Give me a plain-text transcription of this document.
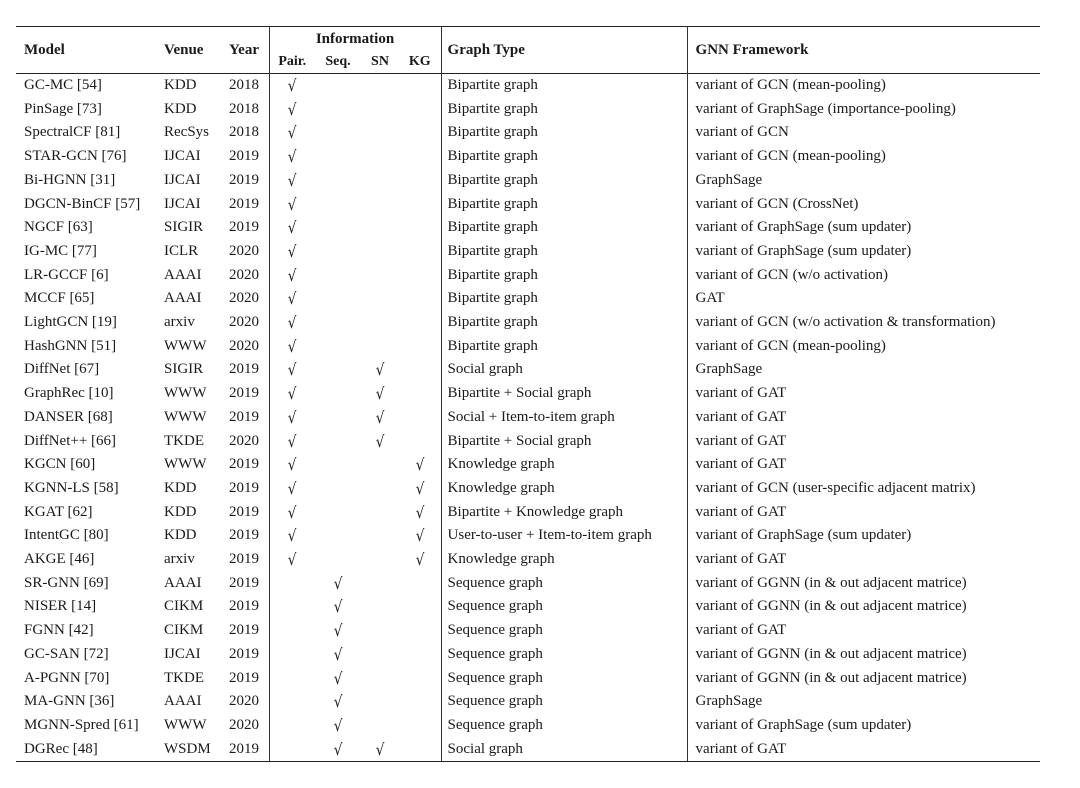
Model	Venue	Year	Information				Graph Type	GNN Framework
			Pair.	Seq.	SN	KG		
GC-MC [54]	KDD	2018	√				Bipartite graph	variant of GCN (mean-pooling)
PinSage [73]	KDD	2018	√				Bipartite graph	variant of GraphSage (importance-pooling)
SpectralCF [81]	RecSys	2018	√				Bipartite graph	variant of GCN
STAR-GCN [76]	IJCAI	2019	√				Bipartite graph	variant of GCN (mean-pooling)
Bi-HGNN [31]	IJCAI	2019	√				Bipartite graph	GraphSage
DGCN-BinCF [57]	IJCAI	2019	√				Bipartite graph	variant of GCN (CrossNet)
NGCF [63]	SIGIR	2019	√				Bipartite graph	variant of GraphSage (sum updater)
IG-MC [77]	ICLR	2020	√				Bipartite graph	variant of GraphSage (sum updater)
LR-GCCF [6]	AAAI	2020	√				Bipartite graph	variant of GCN (w/o activation)
MCCF [65]	AAAI	2020	√				Bipartite graph	GAT
LightGCN [19]	arxiv	2020	√				Bipartite graph	variant of GCN (w/o activation & transformation)
HashGNN [51]	WWW	2020	√				Bipartite graph	variant of GCN (mean-pooling)
DiffNet [67]	SIGIR	2019	√		√		Social graph	GraphSage
GraphRec [10]	WWW	2019	√		√		Bipartite + Social graph	variant of GAT
DANSER [68]	WWW	2019	√		√		Social + Item-to-item graph	variant of GAT
DiffNet++ [66]	TKDE	2020	√		√		Bipartite + Social graph	variant of GAT
KGCN [60]	WWW	2019	√			√	Knowledge graph	variant of GAT
KGNN-LS [58]	KDD	2019	√			√	Knowledge graph	variant of GCN (user-specific adjacent matrix)
KGAT [62]	KDD	2019	√			√	Bipartite + Knowledge graph	variant of GAT
IntentGC [80]	KDD	2019	√			√	User-to-user + Item-to-item graph	variant of GraphSage (sum updater)
AKGE [46]	arxiv	2019	√			√	Knowledge graph	variant of GAT
SR-GNN [69]	AAAI	2019		√			Sequence graph	variant of GGNN (in & out adjacent matrice)
NISER [14]	CIKM	2019		√			Sequence graph	variant of GGNN (in & out adjacent matrice)
FGNN [42]	CIKM	2019		√			Sequence graph	variant of GAT
GC-SAN [72]	IJCAI	2019		√			Sequence graph	variant of GGNN (in & out adjacent matrice)
A-PGNN [70]	TKDE	2019		√			Sequence graph	variant of GGNN (in & out adjacent matrice)
MA-GNN [36]	AAAI	2020		√			Sequence graph	GraphSage
MGNN-Spred [61]	WWW	2020		√			Sequence graph	variant of GraphSage (sum updater)
DGRec [48]	WSDM	2019		√	√		Social graph	variant of GAT
